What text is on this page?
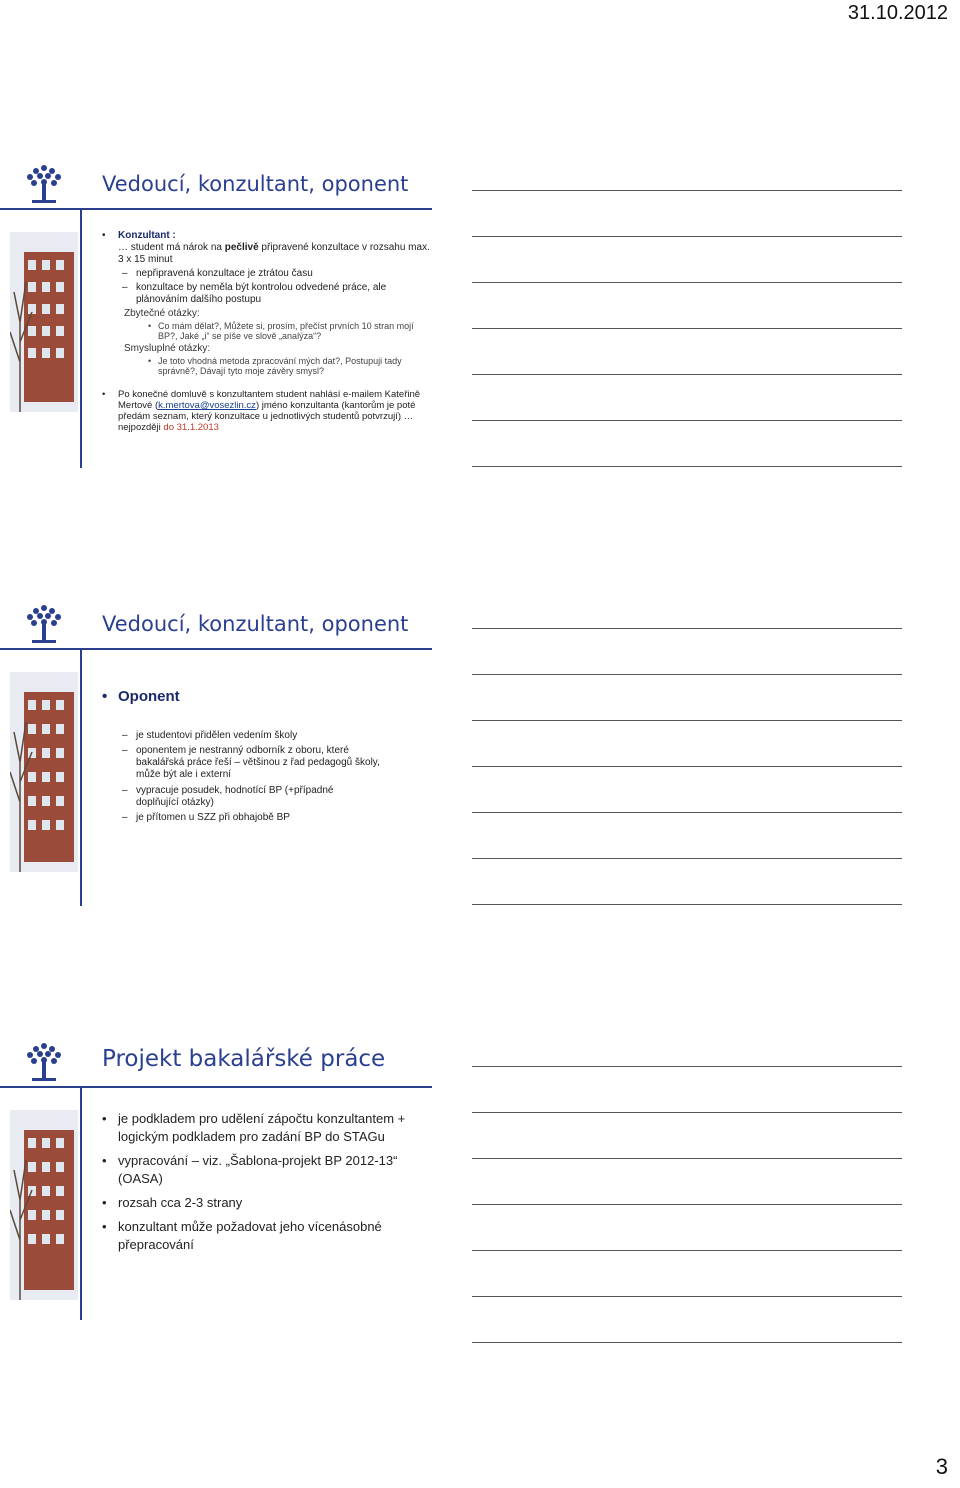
31.10.2012
Vedoucí, konzultant, oponent
• Konzultant :
… student má nárok na pečlivě připravené konzultace v rozsahu max. 3 x 15 minut
– nepřipravená konzultace je ztrátou času
– konzultace by neměla být kontrolou odvedené práce, ale plánováním dalšího postupu
Zbytečné otázky:
• Co mám dělat?, Můžete si, prosím, přečíst prvních 10 stran mojí BP?, Jaké „i“ se píše ve slově „analýza“?
Smysluplné otázky:
• Je toto vhodná metoda zpracování mých dat?, Postupuji tady správně?, Dávají tyto moje závěry smysl?
• Po konečné domluvě s konzultantem student nahlásí e-mailem Kateřině Mertové (k.mertova@vosezlin.cz) jméno konzultanta (kantorům je poté předám seznam, který konzultace u jednotlivých studentů potvrzují) … nejpozději do 31.1.2013
Vedoucí, konzultant, oponent
• Oponent
– je studentovi přidělen vedením školy
– oponentem je nestranný odborník z oboru, které bakalářská práce řeší – většinou z řad pedagogů školy, může být ale i externí
– vypracuje posudek, hodnotící BP (+případné doplňující otázky)
– je přítomen u SZZ při obhajobě BP
Projekt bakalářské práce
• je podkladem pro udělení zápočtu konzultantem + logickým podkladem pro zadání BP do STAGu
• vypracování – viz. „Šablona-projekt BP 2012-13“ (OASA)
• rozsah cca 2-3 strany
• konzultant může požadovat jeho vícenásobné přepracování
3
